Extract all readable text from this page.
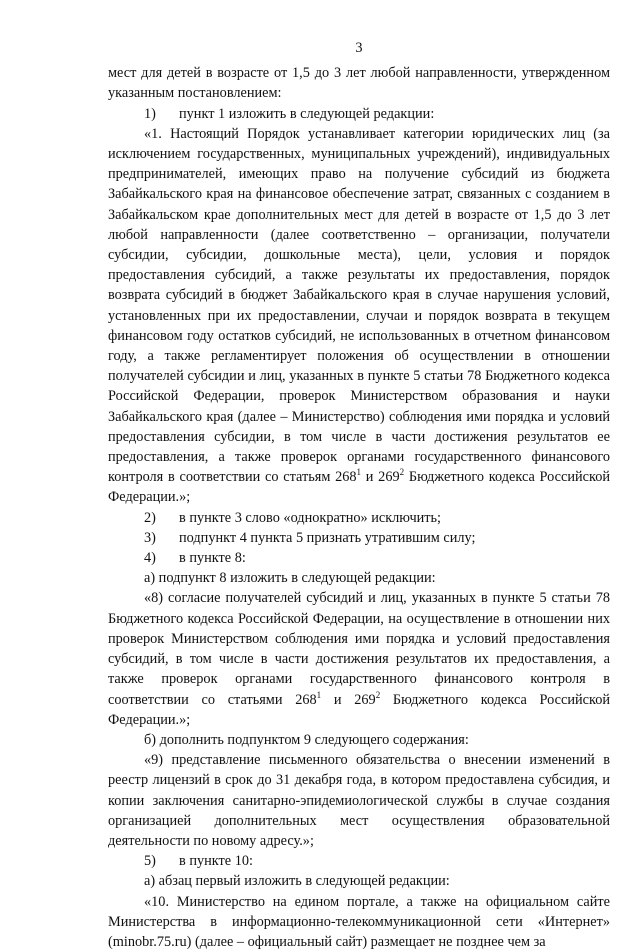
3

мест для детей в возрасте от 1,5 до 3 лет любой направленности, утвержденном указанным постановлением:

1) пункт 1 изложить в следующей редакции:

«1. Настоящий Порядок устанавливает категории юридических лиц (за исключением государственных, муниципальных учреждений), индивидуальных предпринимателей, имеющих право на получение субсидий из бюджета Забайкальского края на финансовое обеспечение затрат, связанных с созданием в Забайкальском крае дополнительных мест для детей в возрасте от 1,5 до 3 лет любой направленности (далее соответственно – организации, получатели субсидии, субсидии, дошкольные места), цели, условия и порядок предоставления субсидий, а также результаты их предоставления, порядок возврата субсидий в бюджет Забайкальского края в случае нарушения условий, установленных при их предоставлении, случаи и порядок возврата в текущем финансовом году остатков субсидий, не использованных в отчетном финансовом году, а также регламентирует положения об осуществлении в отношении получателей субсидии и лиц, указанных в пункте 5 статьи 78 Бюджетного кодекса Российской Федерации, проверок Министерством образования и науки Забайкальского края (далее – Министерство) соблюдения ими порядка и условий предоставления субсидии, в том числе в части достижения результатов ее предоставления, а также проверок органами государственного финансового контроля в соответствии со статьям $268^1$ и $269^2$ Бюджетного кодекса Российской Федерации.»;

2) в пункте 3 слово «однократно» исключить;

3) подпункт 4 пункта 5 признать утратившим силу;

4) в пункте 8:

а) подпункт 8 изложить в следующей редакции:

«8) согласие получателей субсидий и лиц, указанных в пункте 5 статьи 78 Бюджетного кодекса Российской Федерации, на осуществление в отношении них проверок Министерством соблюдения ими порядка и условий предоставления субсидий, в том числе в части достижения результатов их предоставления, а также проверок органами государственного финансового контроля в соответствии со статьями $268^1$ и $269^2$ Бюджетного кодекса Российской Федерации.»;

б) дополнить подпунктом 9 следующего содержания:

«9) представление письменного обязательства о внесении изменений в реестр лицензий в срок до 31 декабря года, в котором предоставлена субсидия, и копии заключения санитарно-эпидемиологической службы в случае создания организацией дополнительных мест осуществления образовательной деятельности по новому адресу.»;

5) в пункте 10:

а) абзац первый изложить в следующей редакции:

«10. Министерство на едином портале, а также на официальном сайте Министерства в информационно-телекоммуникационной сети «Интернет» (minobr.75.ru) (далее – официальный сайт) размещает не позднее чем за
